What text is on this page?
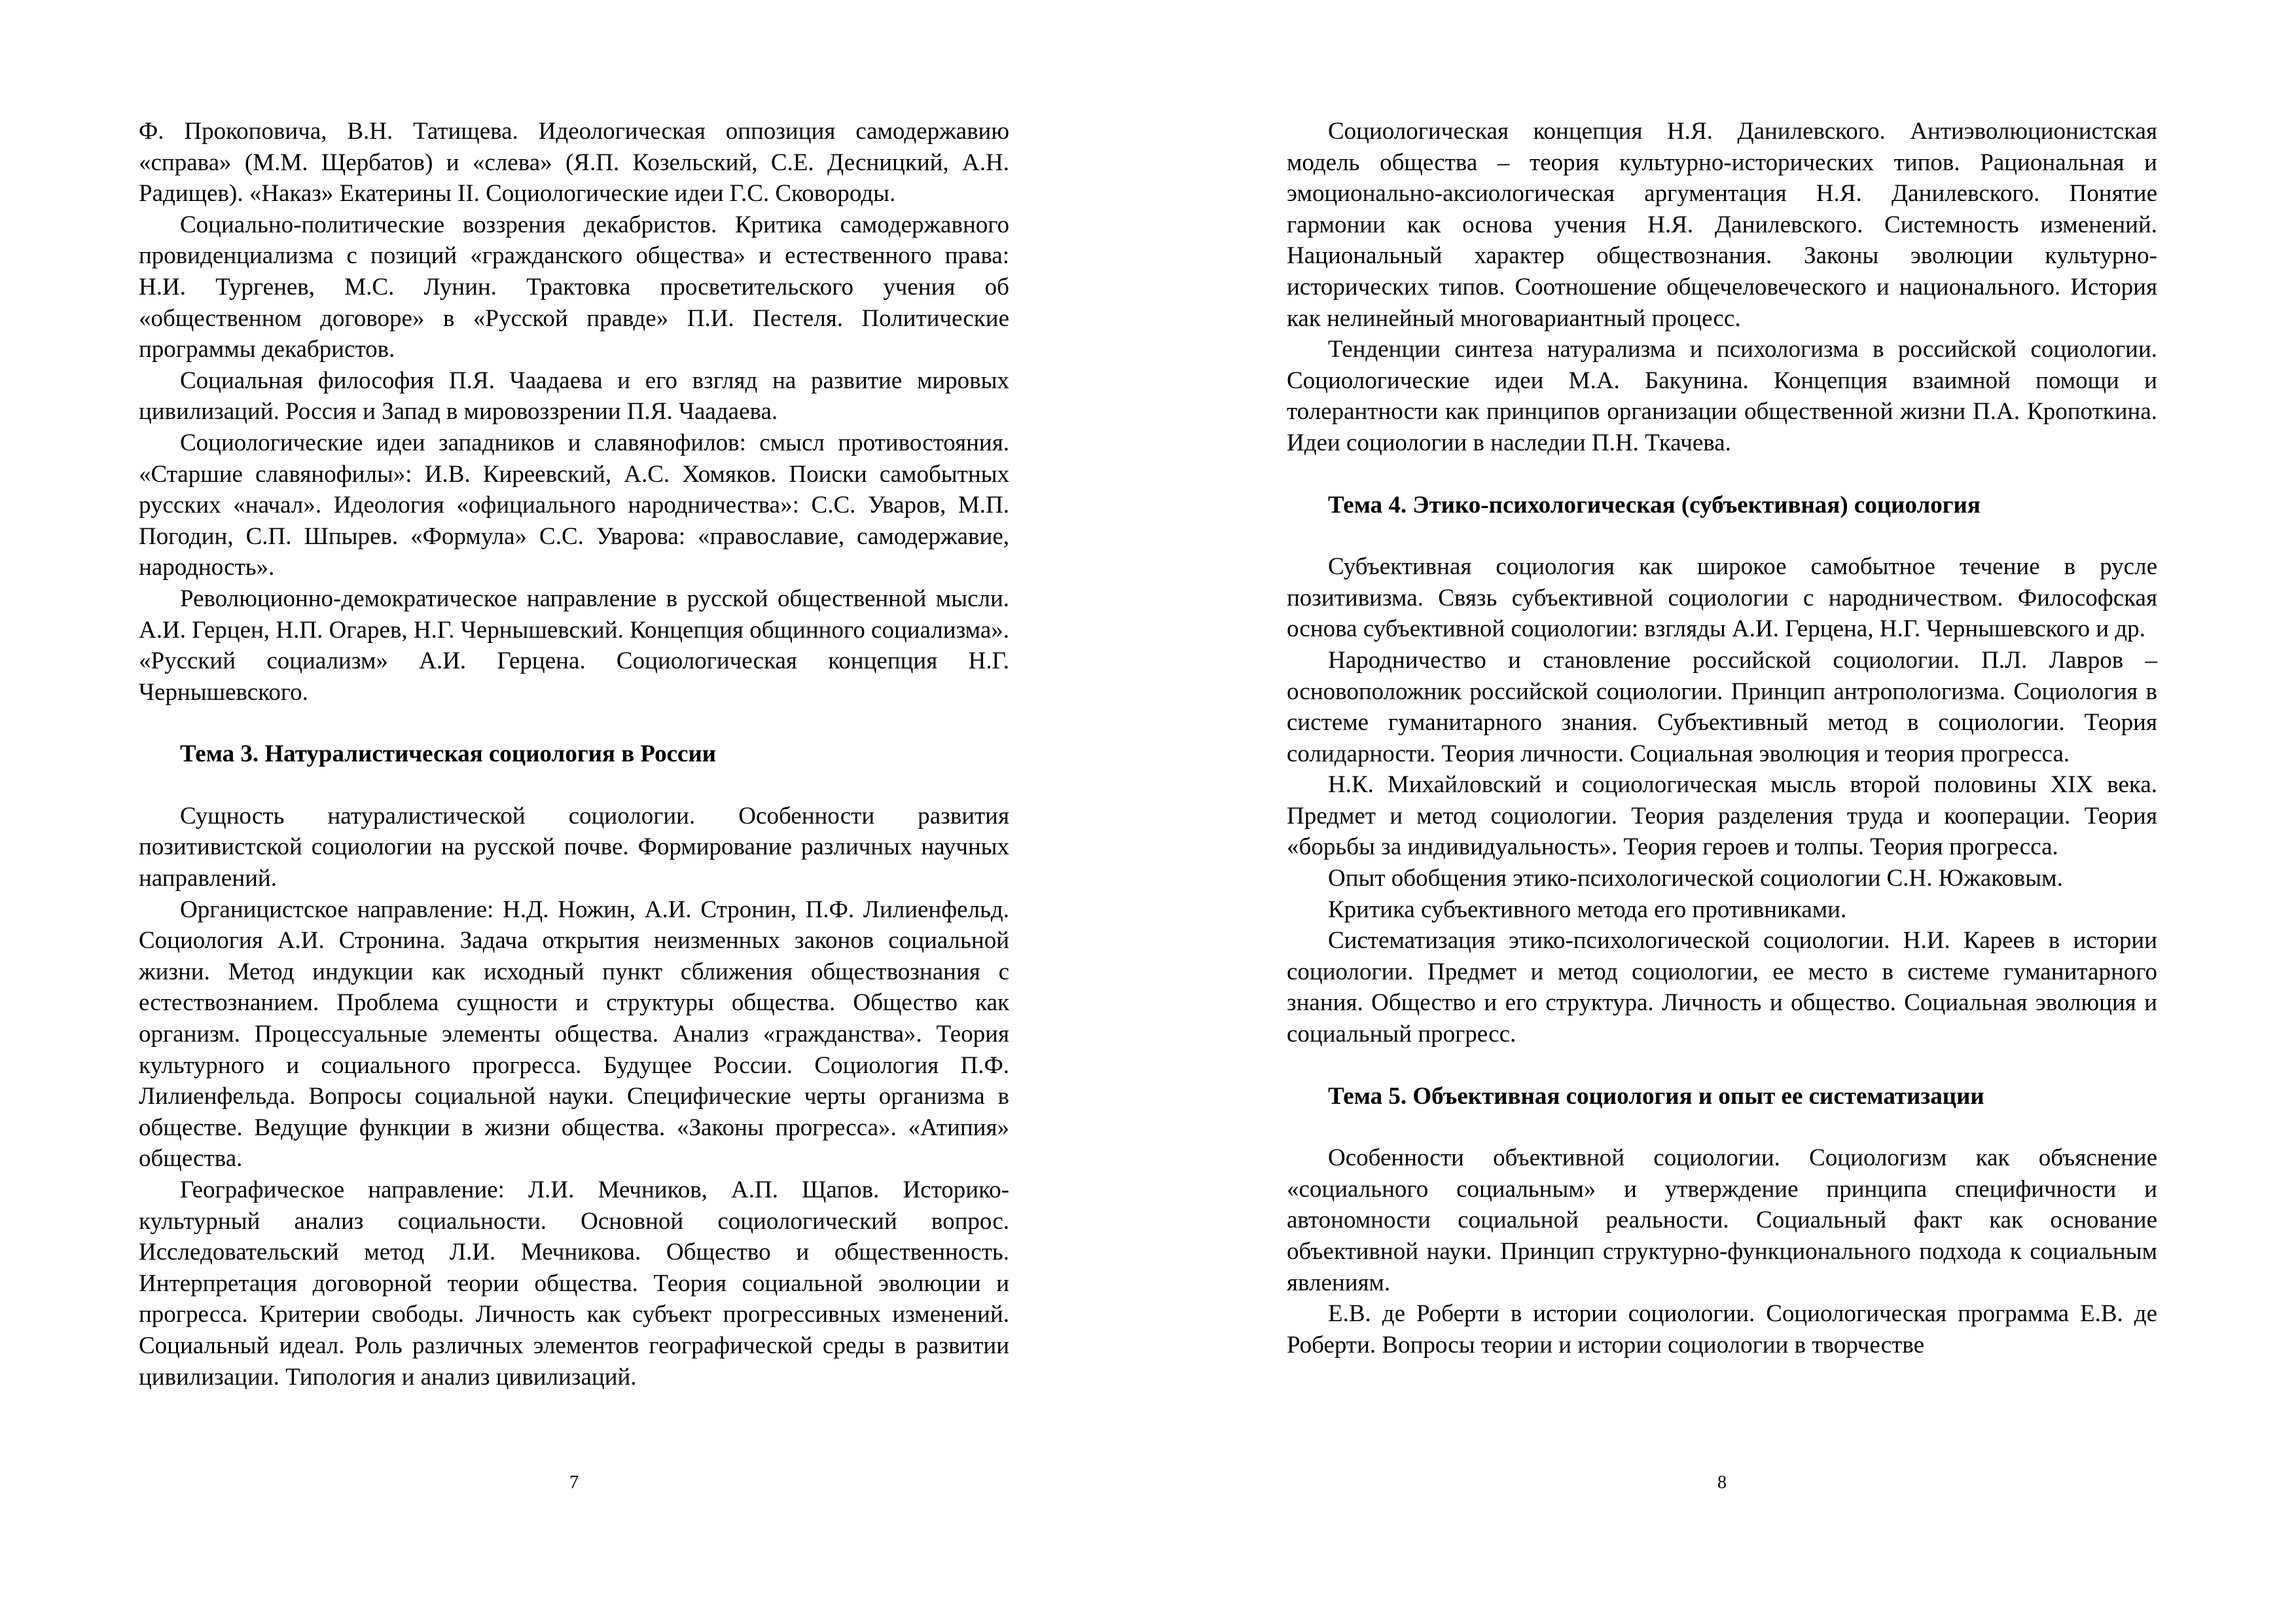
Ф. Прокоповича, В.Н. Татищева. Идеологическая оппозиция самодержавию «справа» (М.М. Щербатов) и «слева» (Я.П. Козельский, С.Е. Десницкий, А.Н. Радищев). «Наказ» Екатерины II. Социологические идеи Г.С. Сковороды.

Социально-политические воззрения декабристов. Критика самодержавного провиденциализма с позиций «гражданского общества» и естественного права: Н.И. Тургенев, М.С. Лунин. Трактовка просветительского учения об «общественном договоре» в «Русской правде» П.И. Пестеля. Политические программы декабристов.

Социальная философия П.Я. Чаадаева и его взгляд на развитие мировых цивилизаций. Россия и Запад в мировоззрении П.Я. Чаадаева.

Социологические идеи западников и славянофилов: смысл противостояния. «Старшие славянофилы»: И.В. Киреевский, А.С. Хомяков. Поиски самобытных русских «начал». Идеология «официального народничества»: С.С. Уваров, М.П. Погодин, С.П. Шпырев. «Формула» С.С. Уварова: «православие, самодержавие, народность».

Революционно-демократическое направление в русской общественной мысли. А.И. Герцен, Н.П. Огарев, Н.Г. Чернышевский. Концепция общинного социализма». «Русский социализм» А.И. Герцена. Социологическая концепция Н.Г. Чернышевского.

Тема 3. Натуралистическая социология в России

Сущность натуралистической социологии. Особенности развития позитивистской социологии на русской почве. Формирование различных научных направлений.

Органицистское направление: Н.Д. Ножин, А.И. Стронин, П.Ф. Лилиенфельд. Социология А.И. Стронина. Задача открытия неизменных законов социальной жизни. Метод индукции как исходный пункт сближения обществознания с естествознанием. Проблема сущности и структуры общества. Общество как организм. Процессуальные элементы общества. Анализ «гражданства». Теория культурного и социального прогресса. Будущее России. Социология П.Ф. Лилиенфельда. Вопросы социальной науки. Специфические черты организма в обществе. Ведущие функции в жизни общества. «Законы прогресса». «Атипия» общества.

Географическое направление: Л.И. Мечников, А.П. Щапов. Историко-культурный анализ социальности. Основной социологический вопрос. Исследовательский метод Л.И. Мечникова. Общество и общественность. Интерпретация договорной теории общества. Теория социальной эволюции и прогресса. Критерии свободы. Личность как субъект прогрессивных изменений. Социальный идеал. Роль различных элементов географической среды в развитии цивилизации. Типология и анализ цивилизаций.

7

Социологическая концепция Н.Я. Данилевского. Антиэволюционистская модель общества – теория культурно-исторических типов. Рациональная и эмоционально-аксиологическая аргументация Н.Я. Данилевского. Понятие гармонии как основа учения Н.Я. Данилевского. Системность изменений. Национальный характер обществознания. Законы эволюции культурно-исторических типов. Соотношение общечеловеческого и национального. История как нелинейный многовариантный процесс.

Тенденции синтеза натурализма и психологизма в российской социологии. Социологические идеи М.А. Бакунина. Концепция взаимной помощи и толерантности как принципов организации общественной жизни П.А. Кропоткина. Идеи социологии в наследии П.Н. Ткачева.

Тема 4. Этико-психологическая (субъективная) социология

Субъективная социология как широкое самобытное течение в русле позитивизма. Связь субъективной социологии с народничеством. Философская основа субъективной социологии: взгляды А.И. Герцена, Н.Г. Чернышевского и др.

Народничество и становление российской социологии. П.Л. Лавров – основоположник российской социологии. Принцип антропологизма. Социология в системе гуманитарного знания. Субъективный метод в социологии. Теория солидарности. Теория личности. Социальная эволюция и теория прогресса.

Н.К. Михайловский и социологическая мысль второй половины XIX века. Предмет и метод социологии. Теория разделения труда и кооперации. Теория «борьбы за индивидуальность». Теория героев и толпы. Теория прогресса.

Опыт обобщения этико-психологической социологии С.Н. Южаковым.

Критика субъективного метода его противниками.

Систематизация этико-психологической социологии. Н.И. Кареев в истории социологии. Предмет и метод социологии, ее место в системе гуманитарного знания. Общество и его структура. Личность и общество. Социальная эволюция и социальный прогресс.

Тема 5. Объективная социология и опыт ее систематизации

Особенности объективной социологии. Социологизм как объяснение «социального социальным» и утверждение принципа специфичности и автономности социальной реальности. Социальный факт как основание объективной науки. Принцип структурно-функционального подхода к социальным явлениям.

Е.В. де Роберти в истории социологии. Социологическая программа Е.В. де Роберти. Вопросы теории и истории социологии в творчестве

8
